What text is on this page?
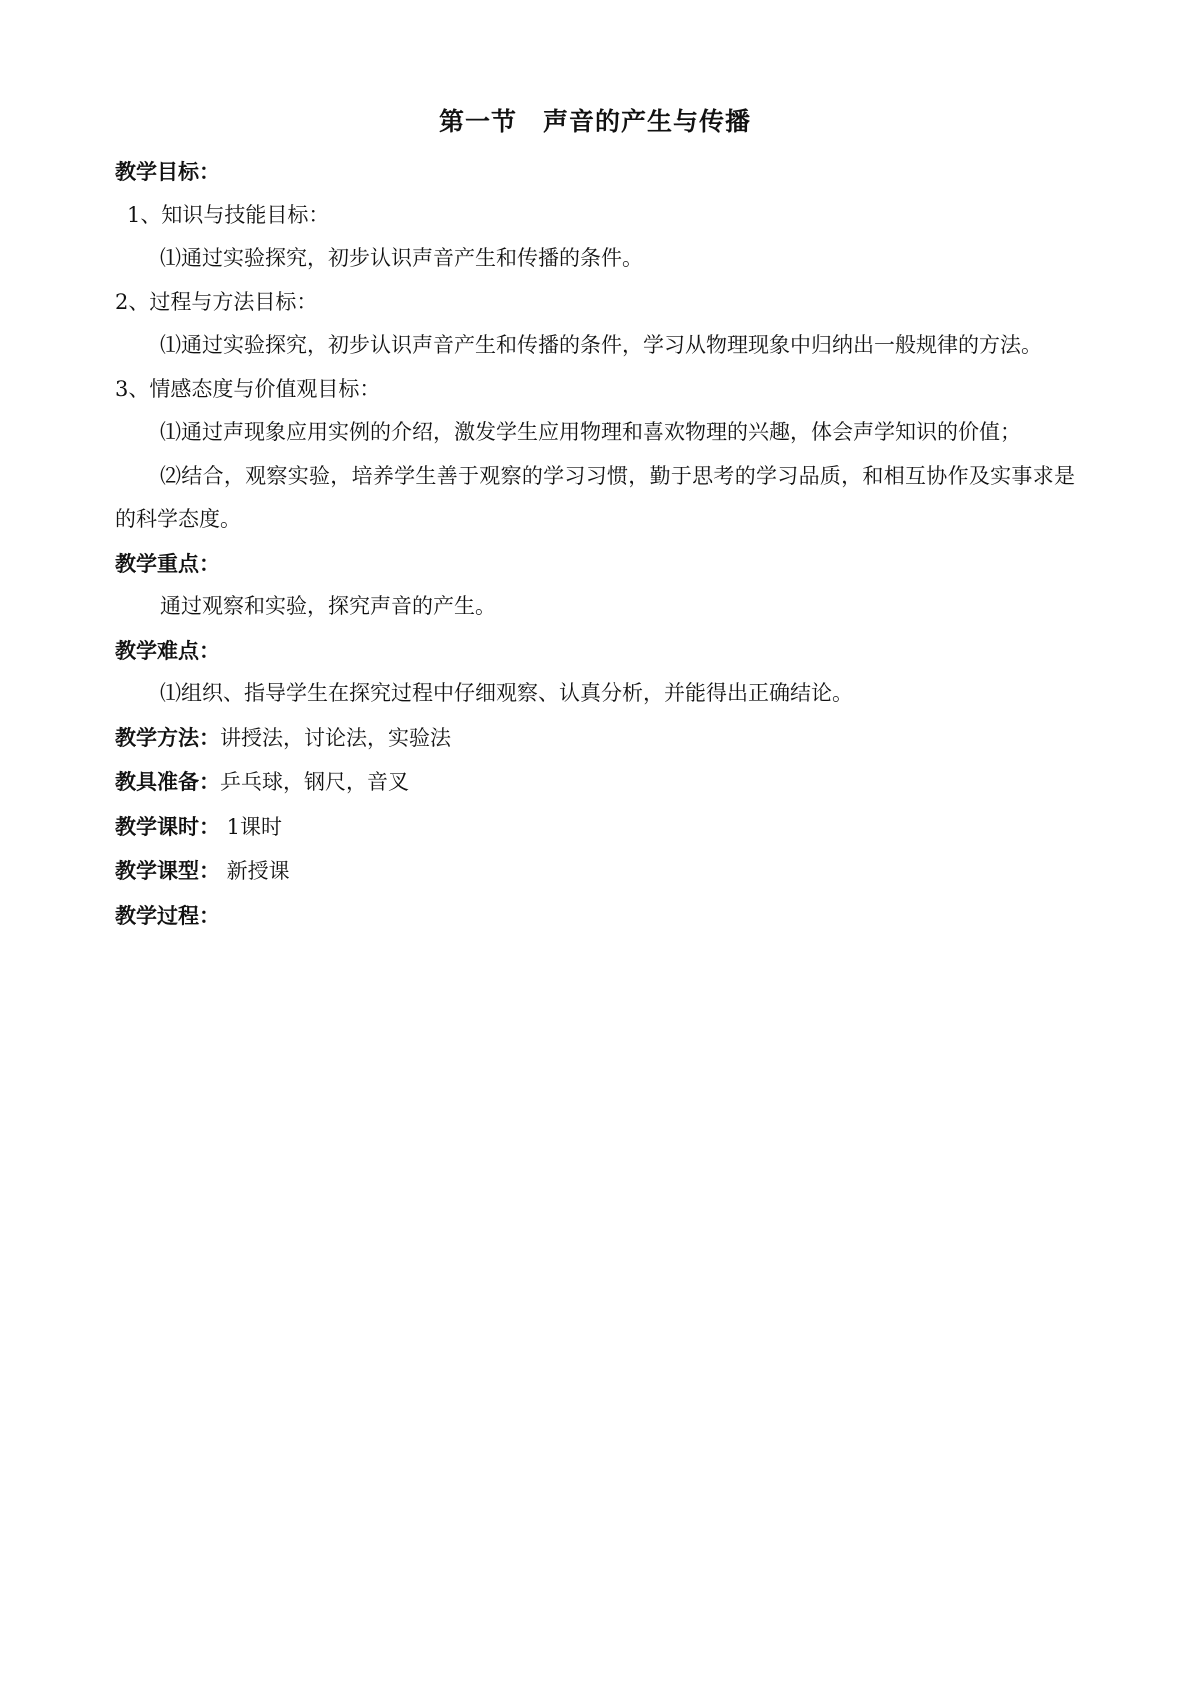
第一节　声音的产生与传播

教学目标：

1、知识与技能目标：

⑴通过实验探究，初步认识声音产生和传播的条件。

2、过程与方法目标：

⑴通过实验探究，初步认识声音产生和传播的条件，学习从物理现象中归纳出一般规律的方法。

3、情感态度与价值观目标：

⑴通过声现象应用实例的介绍，激发学生应用物理和喜欢物理的兴趣，体会声学知识的价值；

⑵结合，观察实验，培养学生善于观察的学习习惯，勤于思考的学习品质，和相互协作及实事求是的科学态度。

教学重点：

通过观察和实验，探究声音的产生。

教学难点：

⑴组织、指导学生在探究过程中仔细观察、认真分析，并能得出正确结论。

教学方法：讲授法，讨论法，实验法

教具准备：乒乓球，钢尺，音叉

教学课时： 1课时

教学课型： 新授课

教学过程：
